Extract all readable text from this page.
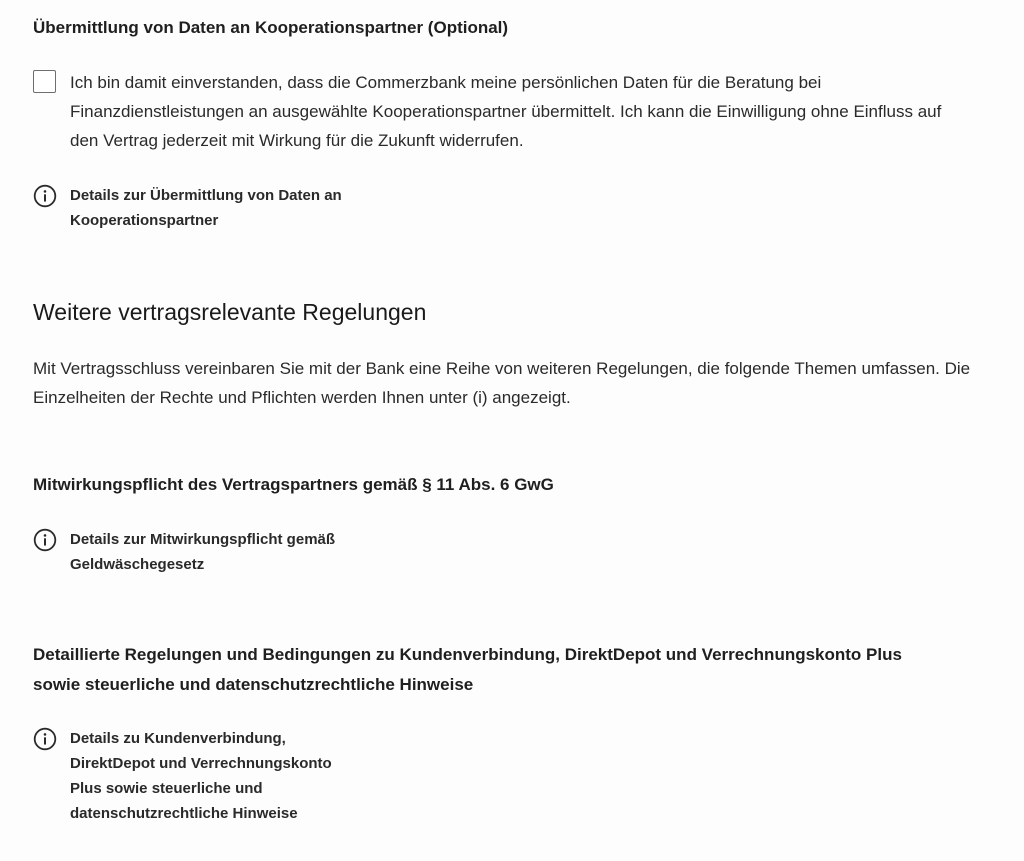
Übermittlung von Daten an Kooperationspartner (Optional)
Ich bin damit einverstanden, dass die Commerzbank meine persönlichen Daten für die Beratung bei Finanzdienstleistungen an ausgewählte Kooperationspartner übermittelt. Ich kann die Einwilligung ohne Einfluss auf den Vertrag jederzeit mit Wirkung für die Zukunft widerrufen.
Details zur Übermittlung von Daten an
Kooperationspartner
Weitere vertragsrelevante Regelungen

Mit Vertragsschluss vereinbaren Sie mit der Bank eine Reihe von weiteren Regelungen, die folgende Themen umfassen. Die Einzelheiten der Rechte und Pflichten werden Ihnen unter (i) angezeigt.

Mitwirkungspflicht des Vertragspartners gemäß § 11 Abs. 6 GwG
Details zur Mitwirkungspflicht gemäß
Geldwäschegesetz
Detaillierte Regelungen und Bedingungen zu Kundenverbindung, DirektDepot und Verrechnungskonto Plus
sowie steuerliche und datenschutzrechtliche Hinweise
Details zu Kundenverbindung,
DirektDepot und Verrechnungskonto
Plus sowie steuerliche und
datenschutzrechtliche Hinweise
